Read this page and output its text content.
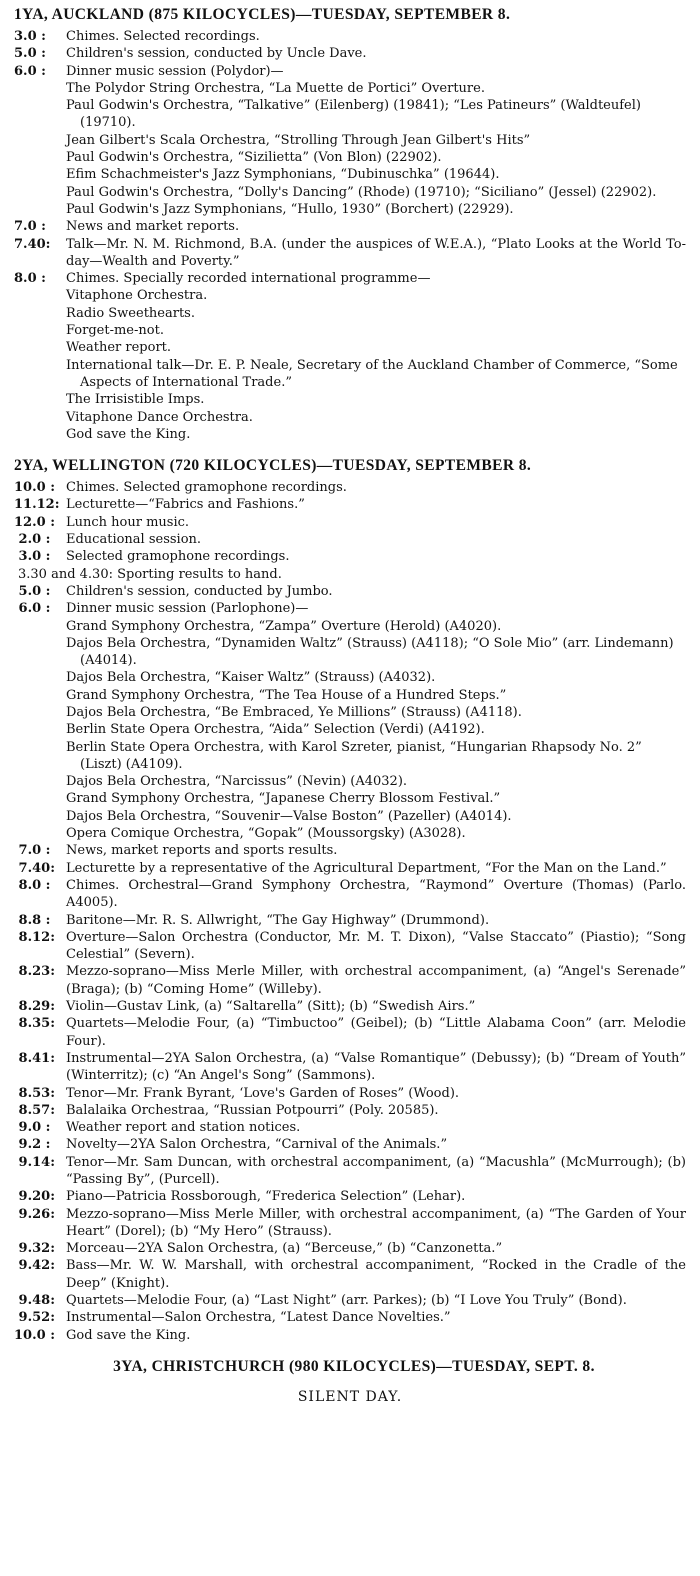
1YA, AUCKLAND (875 KILOCYCLES)—TUESDAY, SEPTEMBER 8.
3.0 : Chimes. Selected recordings.
5.0 : Children's session, conducted by Uncle Dave.
6.0 : Dinner music session (Polydor)—
The Polydor String Orchestra, “La Muette de Portici” Overture.
Paul Godwin's Orchestra, “Talkative” (Eilenberg) (19841); “Les Patineurs” (Waldteufel) (19710).
Jean Gilbert's Scala Orchestra, “Strolling Through Jean Gilbert's Hits”
Paul Godwin's Orchestra, “Sizilietta” (Von Blon) (22902).
Efim Schachmeister's Jazz Symphonians, “Dubinuschka” (19644).
Paul Godwin's Orchestra, “Dolly's Dancing” (Rhode) (19710); “Siciliano” (Jessel) (22902).
Paul Godwin's Jazz Symphonians, “Hullo, 1930” (Borchert) (22929).
7.0 : News and market reports.
7.40: Talk—Mr. N. M. Richmond, B.A. (under the auspices of W.E.A.), “Plato Looks at the World To-day—Wealth and Poverty.”
8.0 : Chimes. Specially recorded international programme—
Vitaphone Orchestra.
Radio Sweethearts.
Forget-me-not.
Weather report.
International talk—Dr. E. P. Neale, Secretary of the Auckland Chamber of Commerce, “Some Aspects of International Trade.”
The Irrisistible Imps.
Vitaphone Dance Orchestra.
God save the King.
2YA, WELLINGTON (720 KILOCYCLES)—TUESDAY, SEPTEMBER 8.
10.0 : Chimes. Selected gramophone recordings.
11.12: Lecturette—“Fabrics and Fashions.”
12.0 : Lunch hour music.
2.0 : Educational session.
3.0 : Selected gramophone recordings.
3.30 and 4.30: Sporting results to hand.
5.0 : Children's session, conducted by Jumbo.
6.0 : Dinner music session (Parlophone)—
Grand Symphony Orchestra, “Zampa” Overture (Herold) (A4020).
Dajos Bela Orchestra, “Dynamiden Waltz” (Strauss) (A4118); “O Sole Mio” (arr. Lindemann) (A4014).
Dajos Bela Orchestra, “Kaiser Waltz” (Strauss) (A4032).
Grand Symphony Orchestra, “The Tea House of a Hundred Steps.”
Dajos Bela Orchestra, “Be Embraced, Ye Millions” (Strauss) (A4118).
Berlin State Opera Orchestra, “Aida” Selection (Verdi) (A4192).
Berlin State Opera Orchestra, with Karol Szreter, pianist, “Hungarian Rhapsody No. 2” (Liszt) (A4109).
Dajos Bela Orchestra, “Narcissus” (Nevin) (A4032).
Grand Symphony Orchestra, “Japanese Cherry Blossom Festival.”
Dajos Bela Orchestra, “Souvenir—Valse Boston” (Pazeller) (A4014).
Opera Comique Orchestra, “Gopak” (Moussorgsky) (A3028).
7.0 : News, market reports and sports results.
7.40: Lecturette by a representative of the Agricultural Department, “For the Man on the Land.”
8.0 : Chimes. Orchestral—Grand Symphony Orchestra, “Raymond” Overture (Thomas) (Parlo. A4005).
8.8 : Baritone—Mr. R. S. Allwright, “The Gay Highway” (Drummond).
8.12: Overture—Salon Orchestra (Conductor, Mr. M. T. Dixon), “Valse Staccato” (Piastio); “Song Celestial” (Severn).
8.23: Mezzo-soprano—Miss Merle Miller, with orchestral accompaniment, (a) “Angel's Serenade” (Braga); (b) “Coming Home” (Willeby).
8.29: Violin—Gustav Link, (a) “Saltarella” (Sitt); (b) “Swedish Airs.”
8.35: Quartets—Melodie Four, (a) “Timbuctoo” (Geibel); (b) “Little Alabama Coon” (arr. Melodie Four).
8.41: Instrumental—2YA Salon Orchestra, (a) “Valse Romantique” (Debussy); (b) “Dream of Youth” (Winterritz); (c) “An Angel's Song” (Sammons).
8.53: Tenor—Mr. Frank Byrant, ‘Love's Garden of Roses” (Wood).
8.57: Balalaika Orchestraa, “Russian Potpourri” (Poly. 20585).
9.0 : Weather report and station notices.
9.2 : Novelty—2YA Salon Orchestra, “Carnival of the Animals.”
9.14: Tenor—Mr. Sam Duncan, with orchestral accompaniment, (a) “Macushla” (McMurrough); (b) “Passing By”, (Purcell).
9.20: Piano—Patricia Rossborough, “Frederica Selection” (Lehar).
9.26: Mezzo-soprano—Miss Merle Miller, with orchestral accompaniment, (a) “The Garden of Your Heart” (Dorel); (b) “My Hero” (Strauss).
9.32: Morceau—2YA Salon Orchestra, (a) “Berceuse,” (b) “Canzonetta.”
9.42: Bass—Mr. W. W. Marshall, with orchestral accompaniment, “Rocked in the Cradle of the Deep” (Knight).
9.48: Quartets—Melodie Four, (a) “Last Night” (arr. Parkes); (b) “I Love You Truly” (Bond).
9.52: Instrumental—Salon Orchestra, “Latest Dance Novelties.”
10.0 : God save the King.
3YA, CHRISTCHURCH (980 KILOCYCLES)—TUESDAY, SEPT. 8.
SILENT DAY.
